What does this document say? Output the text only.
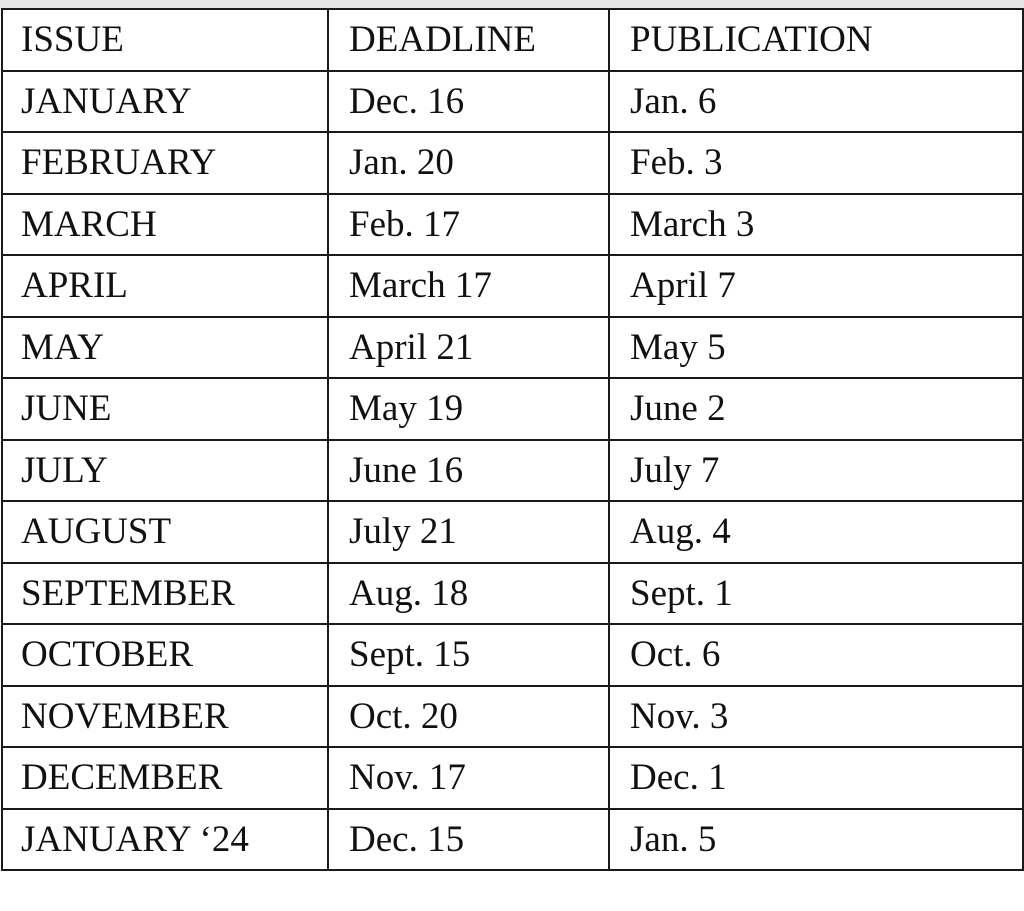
ISSUE	DEADLINE	PUBLICATION
JANUARY	Dec. 16	Jan. 6
FEBRUARY	Jan. 20	Feb. 3
MARCH	Feb. 17	March 3
APRIL	March 17	April 7
MAY	April 21	May 5
JUNE	May 19	June 2
JULY	June 16	July 7
AUGUST	July 21	Aug. 4
SEPTEMBER	Aug. 18	Sept. 1
OCTOBER	Sept. 15	Oct. 6
NOVEMBER	Oct. 20	Nov. 3
DECEMBER	Nov. 17	Dec. 1
JANUARY ‘24	Dec. 15	Jan. 5
